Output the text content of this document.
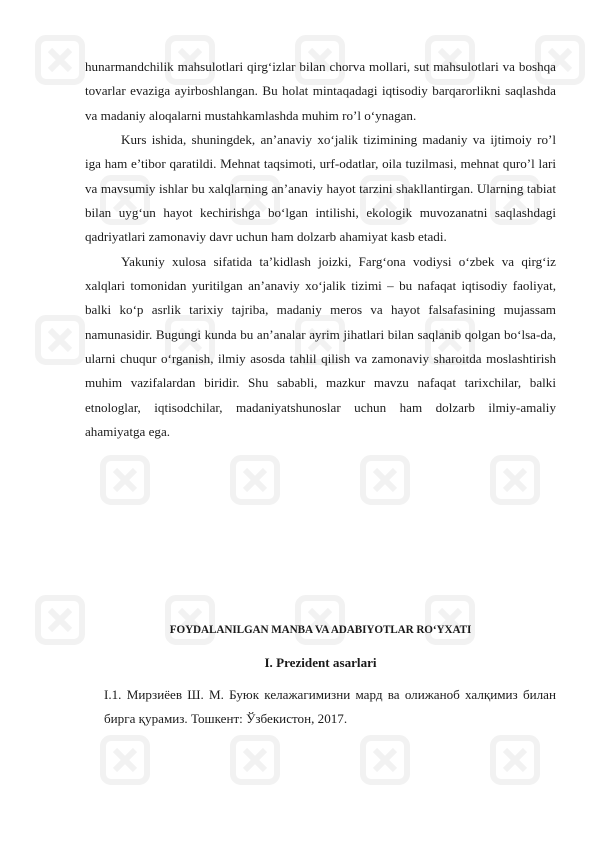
hunarmandchilik mahsulotlari qirg‘izlar bilan chorva mollari, sut mahsulotlari va boshqa tovarlar evaziga ayirboshlangan. Bu holat mintaqadagi iqtisodiy barqarorlikni saqlashda va madaniy aloqalarni mustahkamlashda muhim ro’l o‘ynagan.

Kurs ishida, shuningdek, an’anaviy xo‘jalik tizimining madaniy va ijtimoiy ro’l iga ham e’tibor qaratildi. Mehnat taqsimoti, urf-odatlar, oila tuzilmasi, mehnat quro’l lari va mavsumiy ishlar bu xalqlarning an’anaviy hayot tarzini shakllantirgan. Ularning tabiat bilan uyg‘un hayot kechirishga bo‘lgan intilishi, ekologik muvozanatni saqlashdagi qadriyatlari zamonaviy davr uchun ham dolzarb ahamiyat kasb etadi.

Yakuniy xulosa sifatida ta’kidlash joizki, Farg‘ona vodiysi o‘zbek va qirg‘iz xalqlari tomonidan yuritilgan an’anaviy xo‘jalik tizimi – bu nafaqat iqtisodiy faoliyat, balki ko‘p asrlik tarixiy tajriba, madaniy meros va hayot falsafasining mujassam namunasidir. Bugungi kunda bu an’analar ayrim jihatlari bilan saqlanib qolgan bo‘lsa-da, ularni chuqur o‘rganish, ilmiy asosda tahlil qilish va zamonaviy sharoitda moslashtirish muhim vazifalardan biridir. Shu sababli, mazkur mavzu nafaqat tarixchilar, balki etnologlar, iqtisodchilar, madaniyatshunoslar uchun ham dolzarb ilmiy-amaliy ahamiyatga ega.

FOYDALANILGAN MANBA VA ADABIYOTLAR RO‘YXATI
I. Prezident asarlari

I.1. Мирзиёев Ш. М. Буюк келажагимизни мард ва олижаноб халқимиз билан бирга қурамиз. Тошкент: Ўзбекистон, 2017.
